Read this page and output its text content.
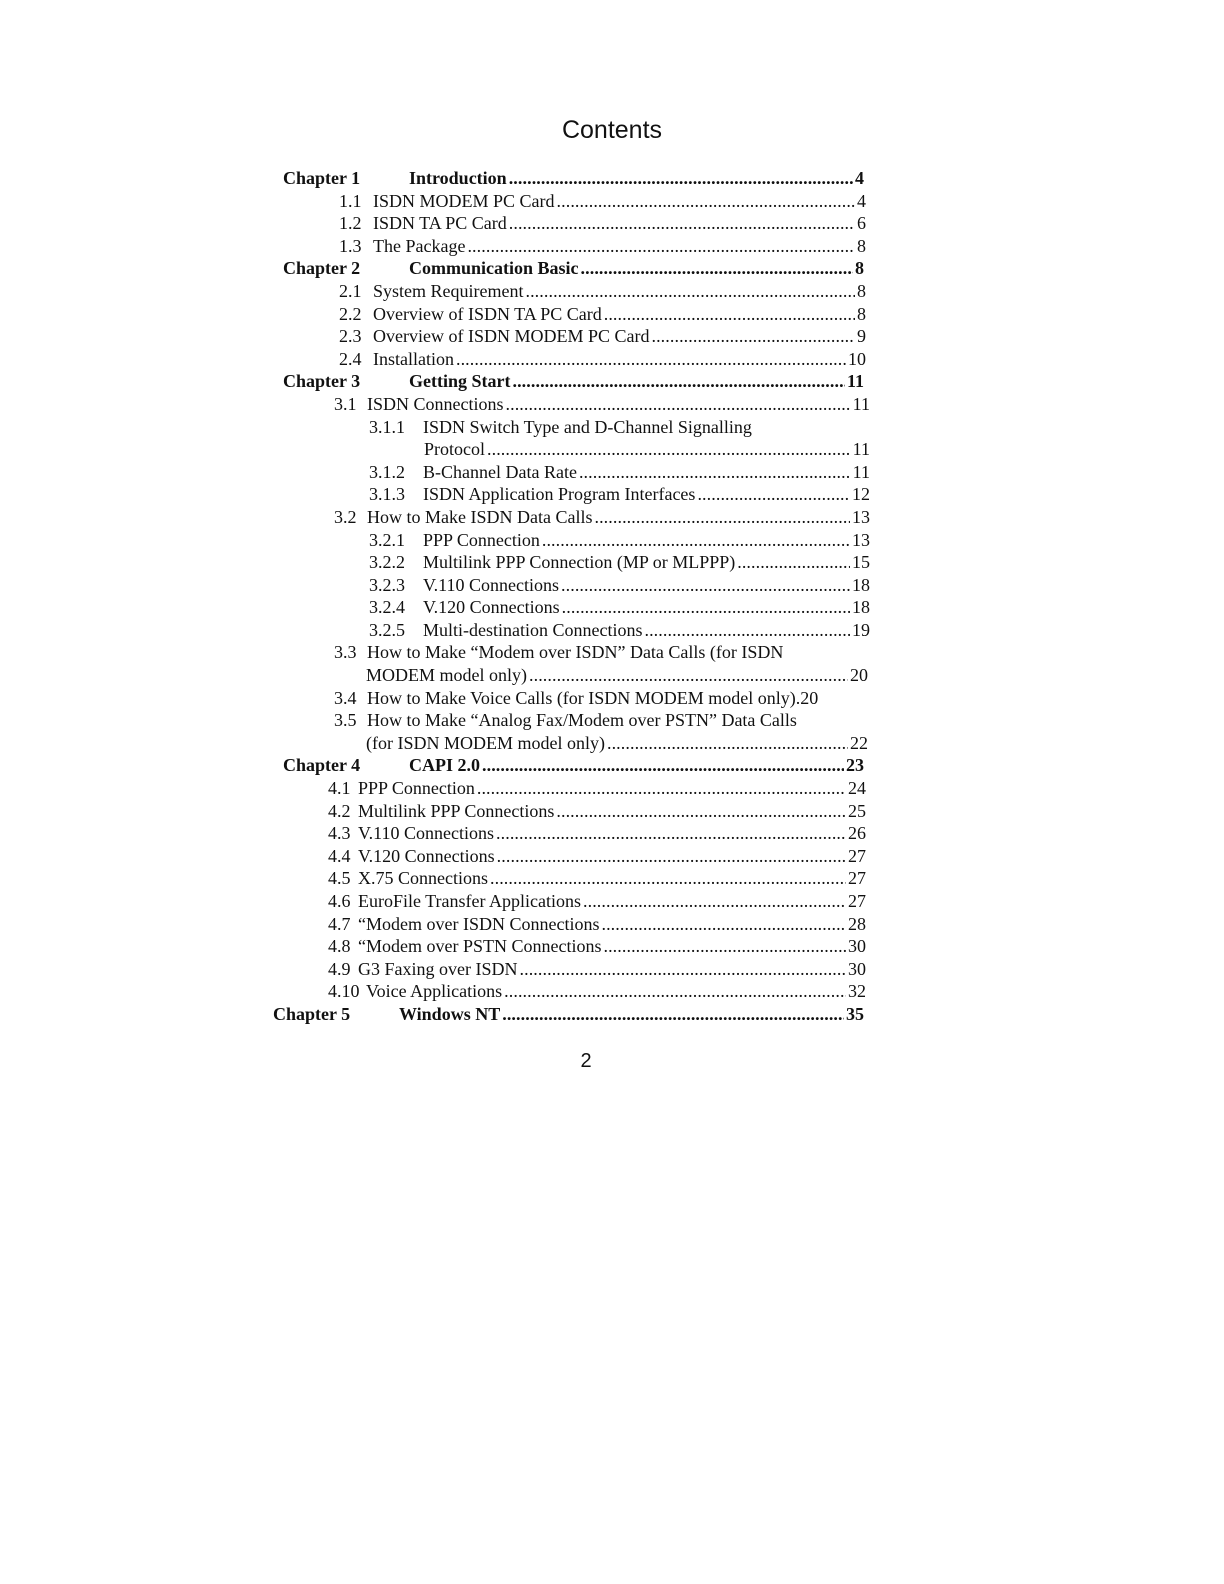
Contents
Chapter 1	Introduction . . .	4
1.1 ISDN MODEM PC Card . . .	4
1.2 ISDN TA PC Card . . .	6
1.3 The Package . . .	8
Chapter 2	Communication Basic . . .	8
2.1 System Requirement . . .	8
2.2 Overview of ISDN TA PC Card . . .	8
2.3 Overview of ISDN MODEM PC Card . . .	9
2.4 Installation . . .	10
Chapter 3	Getting Start . . .	11
3.1 ISDN Connections . . .	11
3.1.1	ISDN Switch Type and D-Channel Signalling
Protocol . . .	11
3.1.2	B-Channel Data Rate . . .	11
3.1.3	ISDN Application Program Interfaces . . .	12
3.2 How to Make ISDN Data Calls . . .	13
3.2.1	PPP Connection . . .	13
3.2.2	Multilink PPP Connection (MP or MLPPP) . . .	15
3.2.3	V.110 Connections . . .	18
3.2.4	V.120 Connections . . .	18
3.2.5	Multi-destination Connections . . .	19
3.3 How to Make “Modem over ISDN” Data Calls (for ISDN
MODEM model only) . . .	20
3.4 How to Make Voice Calls (for ISDN MODEM model only). 20
3.5 How to Make “Analog Fax/Modem over PSTN” Data Calls
(for ISDN MODEM model only) . . .	22
Chapter 4	CAPI 2.0 . . .	23
4.1 PPP Connection . . .	24
4.2 Multilink PPP Connections . . .	25
4.3 V.110 Connections . . .	26
4.4 V.120 Connections . . .	27
4.5 X.75 Connections . . .	27
4.6 EuroFile Transfer Applications . . .	27
4.7 “Modem over ISDN Connections . . .	28
4.8 “Modem over PSTN Connections . . .	30
4.9 G3 Faxing over ISDN . . .	30
4.10 Voice Applications . . .	32
Chapter 5	Windows NT . . .	35
2
